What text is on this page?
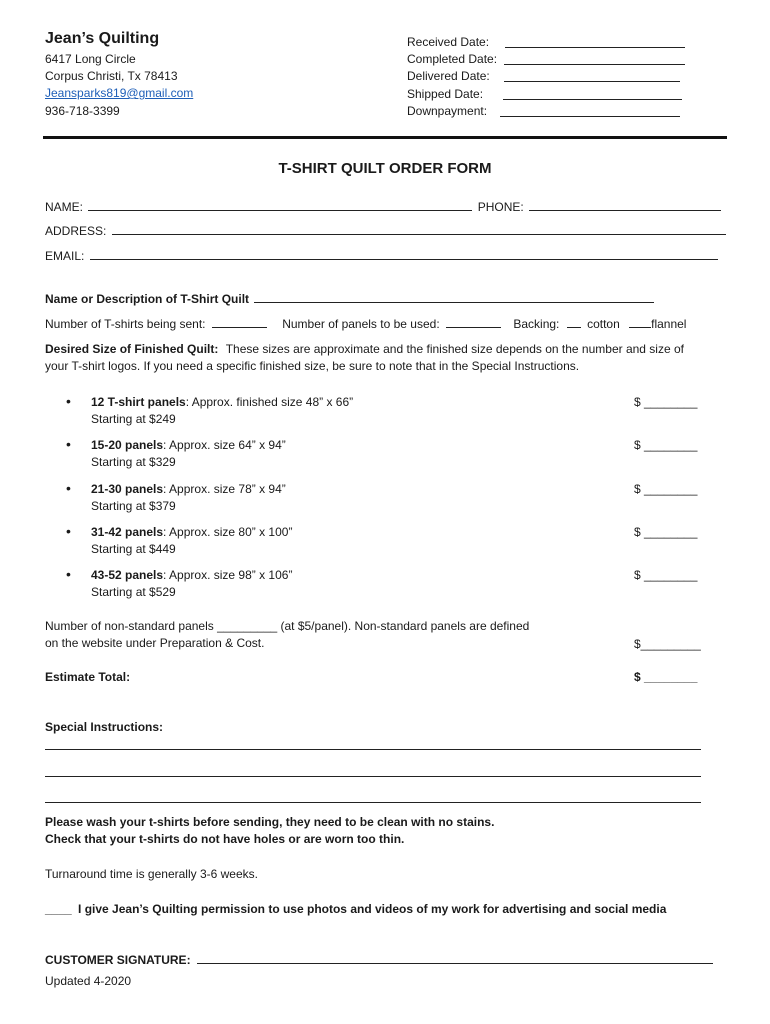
Jean’s Quilting
6417 Long Circle
Corpus Christi, Tx 78413
Jeansparks819@gmail.com
936-718-3399
Received Date:
Completed Date:
Delivered Date:
Shipped Date:
Downpayment:
T-SHIRT QUILT ORDER FORM
NAME:	PHONE:
ADDRESS:
EMAIL:
Name or Description of T-Shirt Quilt
Number of T-shirts being sent:	Number of panels to be used:	Backing: cotton	flannel
Desired Size of Finished Quilt: These sizes are approximate and the finished size depends on the number and size of
your T-shirt logos. If you need a specific finished size, be sure to note that in the Special Instructions.
• 12 T-shirt panels: Approx. finished size 48” x 66”
Starting at $249
$ ________
• 15-20 panels: Approx. size 64” x 94”
Starting at $329
$ ________
• 21-30 panels: Approx. size 78” x 94”
Starting at $379
$ ________
• 31-42 panels: Approx. size 80” x 100”
Starting at $449
$ ________
• 43-52 panels: Approx. size 98” x 106”
Starting at $529
$ ________
Number of non-standard panels _________ (at $5/panel). Non-standard panels are defined
on the website under Preparation & Cost.	$_________
Estimate Total:	$ ________
Special Instructions:
Please wash your t-shirts before sending, they need to be clean with no stains.
Check that your t-shirts do not have holes or are worn too thin.
Turnaround time is generally 3-6 weeks.
____ I give Jean’s Quilting permission to use photos and videos of my work for advertising and social media
CUSTOMER SIGNATURE:
Updated 4-2020
